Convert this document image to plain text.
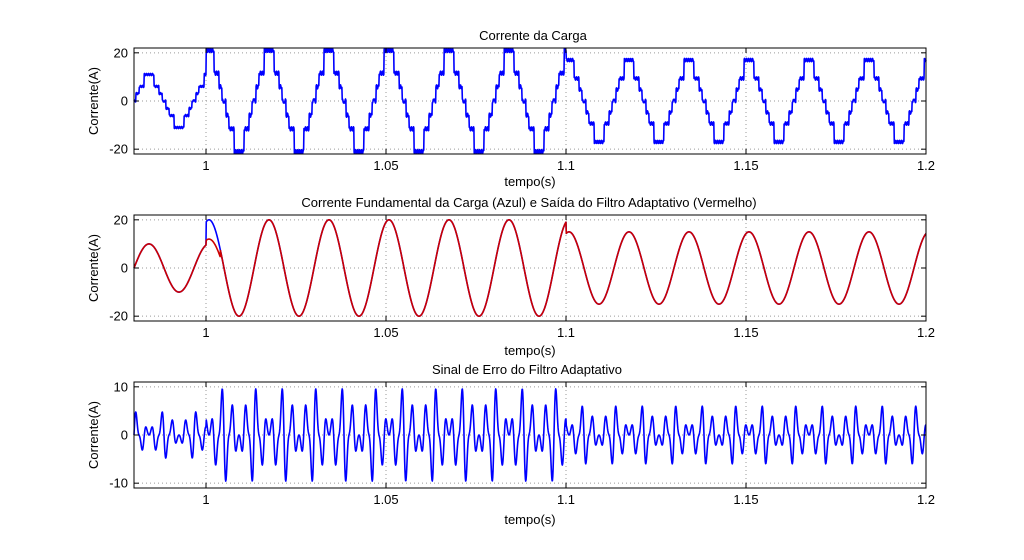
Corrente da Carga
1	1.05	1.1	1.15	1.2
-20
0
20
tempo(s)
Corrente(A)
Corrente Fundamental da Carga (Azul) e Saída do Filtro Adaptativo (Vermelho)
1	1.05	1.1	1.15	1.2
-20
0
20
tempo(s)
Corrente(A)
Sinal de Erro do Filtro Adaptativo
1	1.05	1.1	1.15	1.2
-10
0
10
tempo(s)
Corrente(A)
